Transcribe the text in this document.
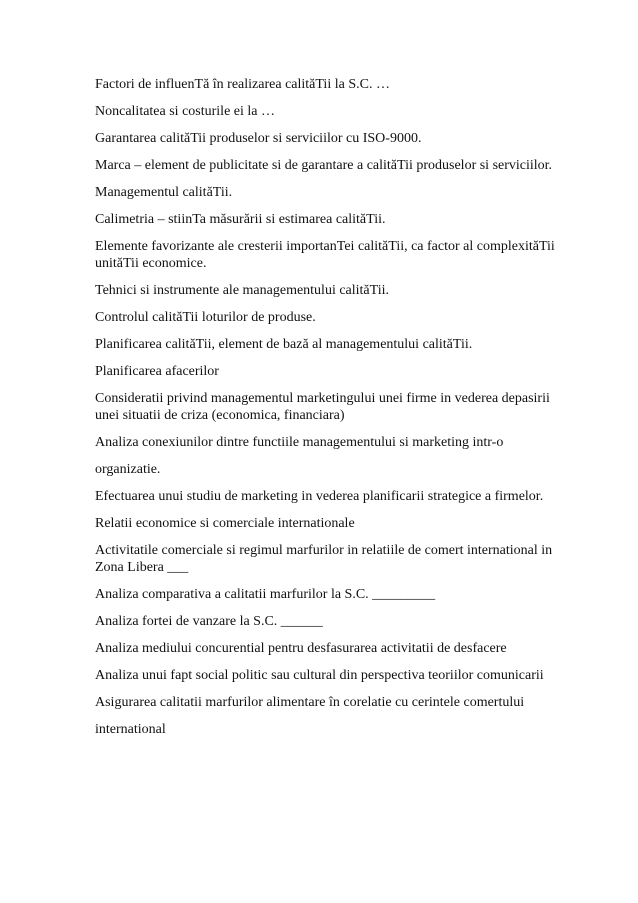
Factori de influenTă în realizarea calităTii la S.C. …
Noncalitatea si costurile ei la …
Garantarea calităTii produselor si serviciilor cu ISO-9000.
Marca – element de publicitate si de garantare a calităTii produselor si serviciilor.
Managementul calităTii.
Calimetria – stiinTa măsurării si estimarea calităTii.
Elemente favorizante ale cresterii importanTei calităTii, ca factor al complexităTii unităTii economice.
Tehnici si instrumente ale managementului calităTii.
Controlul calităTii loturilor de produse.
Planificarea calităTii, element de bază al managementului calităTii.
Planificarea afacerilor
Consideratii privind managementul marketingului unei firme in vederea depasirii unei situatii de criza (economica, financiara)
Analiza conexiunilor dintre functiile managementului si marketing intr-o
organizatie.
Efectuarea unui studiu de marketing in vederea planificarii strategice a firmelor.
Relatii economice si comerciale internationale
Activitatile comerciale si regimul marfurilor in relatiile de comert international in Zona Libera ___
Analiza comparativa a calitatii marfurilor la S.C. _________
Analiza fortei de vanzare la S.C. ______
Analiza mediului concurential pentru desfasurarea activitatii de desfacere
Analiza unui fapt social politic sau cultural din perspectiva teoriilor comunicarii
Asigurarea calitatii marfurilor alimentare în corelatie cu cerintele comertului
international
